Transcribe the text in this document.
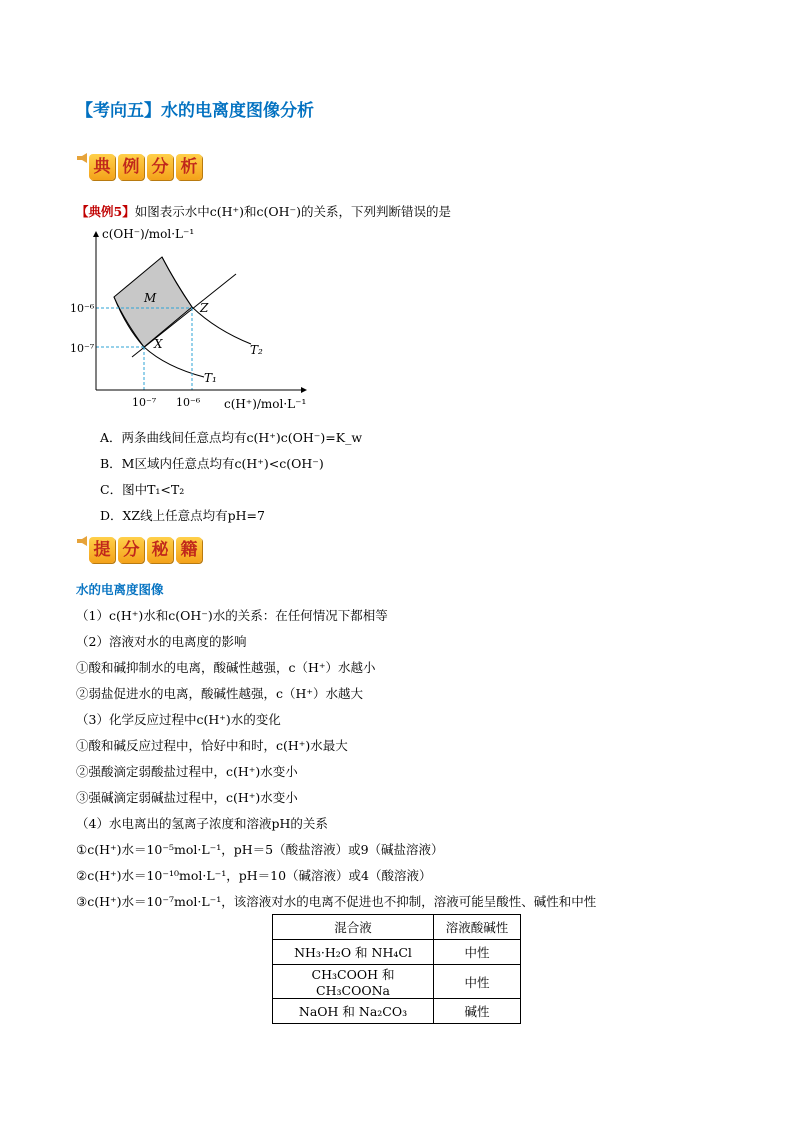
【考向五】水的电离度图像分析
典 例 分 析
【典例5】如图表示水中c(H⁺)和c(OH⁻)的关系，下列判断错误的是
c(OH⁻)/mol·L⁻¹
c(H⁺)/mol·L⁻¹
10⁻⁶
10⁻⁷
10⁻⁷ 10⁻⁶
M
Z
X
T₁
T₂
A．两条曲线间任意点均有c(H⁺)c(OH⁻)=K_w
B．M区域内任意点均有c(H⁺)<c(OH⁻)
C．图中T₁<T₂
D．XZ线上任意点均有pH=7
提 分 秘 籍
水的电离度图像
（1）c(H⁺)水和c(OH⁻)水的关系：在任何情况下都相等
（2）溶液对水的电离度的影响
①酸和碱抑制水的电离，酸碱性越强，c（H⁺）水越小
②弱盐促进水的电离，酸碱性越强，c（H⁺）水越大
（3）化学反应过程中c(H⁺)水的变化
①酸和碱反应过程中，恰好中和时，c(H⁺)水最大
②强酸滴定弱酸盐过程中，c(H⁺)水变小
③强碱滴定弱碱盐过程中，c(H⁺)水变小
（4）水电离出的氢离子浓度和溶液pH的关系
①c(H⁺)水＝10⁻⁵mol·L⁻¹，pH＝5（酸盐溶液）或9（碱盐溶液）
②c(H⁺)水＝10⁻¹⁰mol·L⁻¹，pH＝10（碱溶液）或4（酸溶液）
③c(H⁺)水＝10⁻⁷mol·L⁻¹，该溶液对水的电离不促进也不抑制，溶液可能呈酸性、碱性和中性
混合液	溶液酸碱性
NH₃·H₂O 和 NH₄Cl	中性
CH₃COOH 和 CH₃COONa	中性
NaOH 和 Na₂CO₃	碱性
